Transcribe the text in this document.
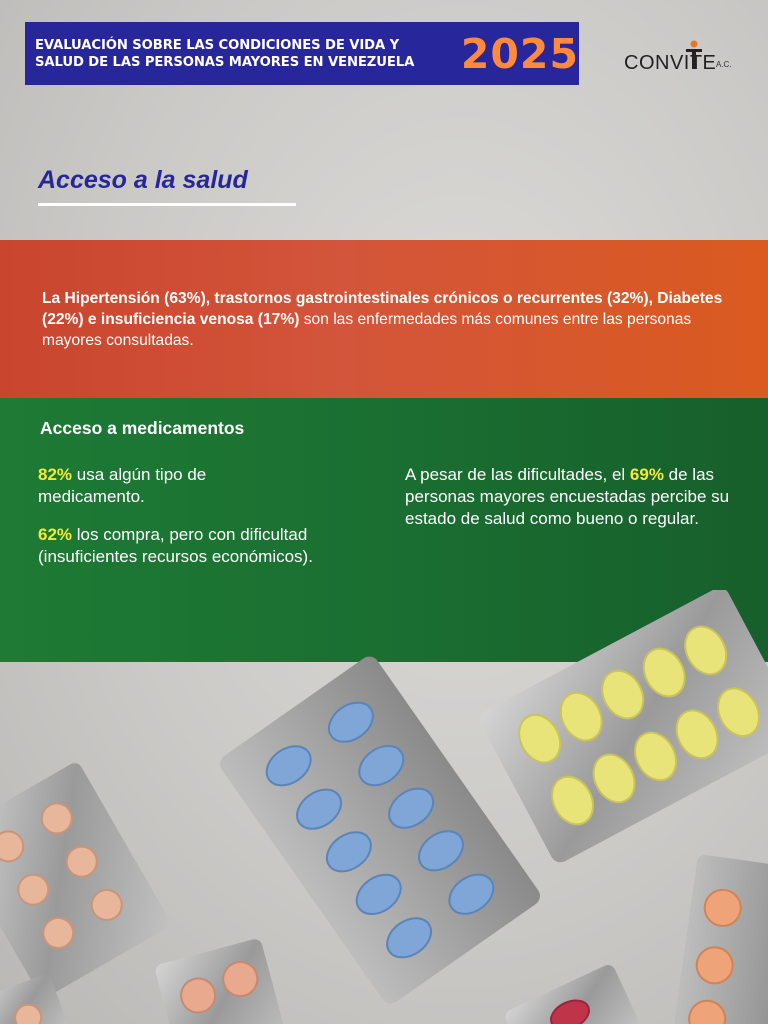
EVALUACIÓN SOBRE LAS CONDICIONES DE VIDA Y
SALUD DE LAS PERSONAS MAYORES EN VENEZUELA	2025 CONVITE A.C.
Acceso a la salud
La Hipertensión (63%), trastornos gastrointestinales crónicos o recurrentes (32%), Diabetes (22%) e insuficiencia venosa (17%) son las enfermedades más comunes entre las personas mayores consultadas.
Acceso a medicamentos
82% usa algún tipo de medicamento.
62% los compra, pero con dificultad (insuficientes recursos económicos).
A pesar de las dificultades, el 69% de las personas mayores encuestadas percibe su estado de salud como bueno o regular.
